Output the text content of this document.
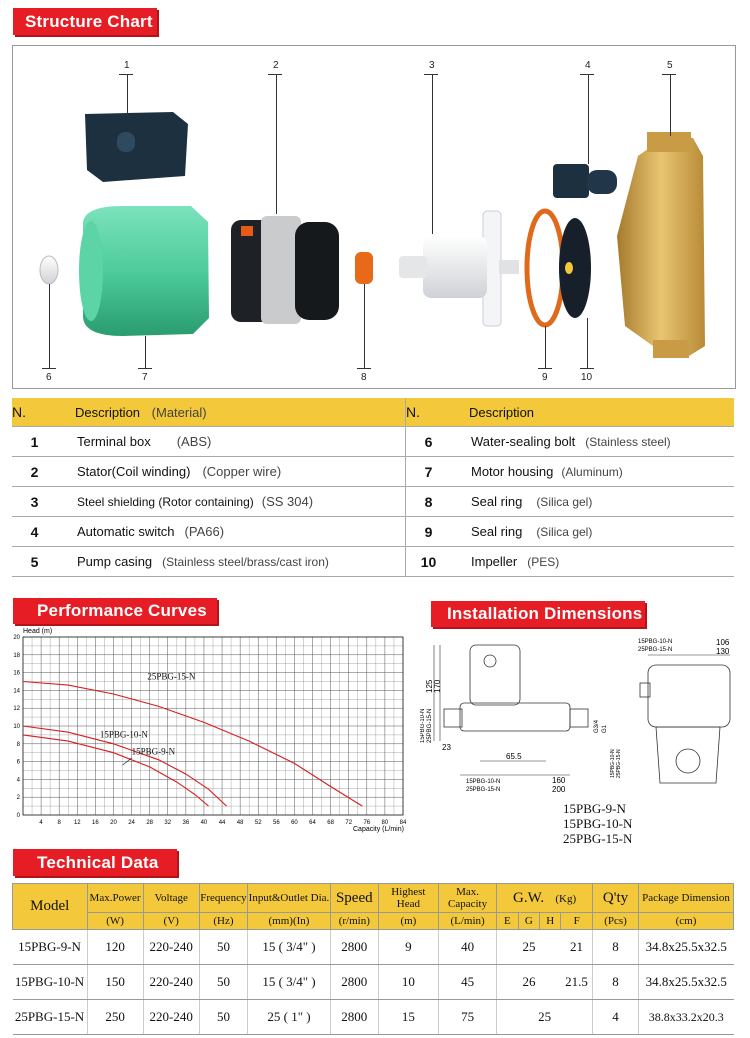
Structure Chart
1	2	3	4	5
6	7	8	9	10
N.	Description (Material)	N.	Description
1	Terminal box (ABS)	6	Water-sealing bolt (Stainless steel)
2	Stator(Coil winding) (Copper wire)	7	Motor housing (Aluminum)
3	Steel shielding (Rotor containing) (SS 304)	8	Seal ring (Silica gel)
4	Automatic switch (PA66)	9	Seal ring (Silica gel)
5	Pump casing (Stainless steel/brass/cast iron)	10	Impeller (PES)
Performance Curves
25PBG-15-N
15PBG-10-N
15PBG-9-N
4 8 12 16 20 24 28 32 36 40 44 48 52 56 60 64 68 72 76 80 84
0
2
4
6
8
10
12
14
16
18
20
Head (m)
Capacity (L/min)
Installation Dimensions
125 170
15PBG-10-N 25PBG-15-N
23
65.5
15PBG-10-N
25PBG-15-N
160
200
G3/4 G1
15PBG-10-N
25PBG-15-N
106
130
15PBG-10-N 25PBG-15-N
15PBG-9-N
15PBG-10-N
25PBG-15-N
Technical Data
Model	Max.Power	Voltage	Frequency	Input&Outlet Dia.	Speed	Highest Head	Max. Capacity	G.W. (Kg)				Q'ty	Package Dimension
	(W)	(V)	(Hz)	(mm)(In)	(r/min)	(m)	(L/min)	E	G	H	F	(Pcs)	(cm)
15PBG-9-N	120	220-240	50	15 ( 3/4" )	2800	9	40	25			21	8	34.8x25.5x32.5
15PBG-10-N	150	220-240	50	15 ( 3/4" )	2800	10	45	26			21.5	8	34.8x25.5x32.5
25PBG-15-N	250	220-240	50	25 ( 1" )	2800	15	75	25				4	38.8x33.2x20.3
